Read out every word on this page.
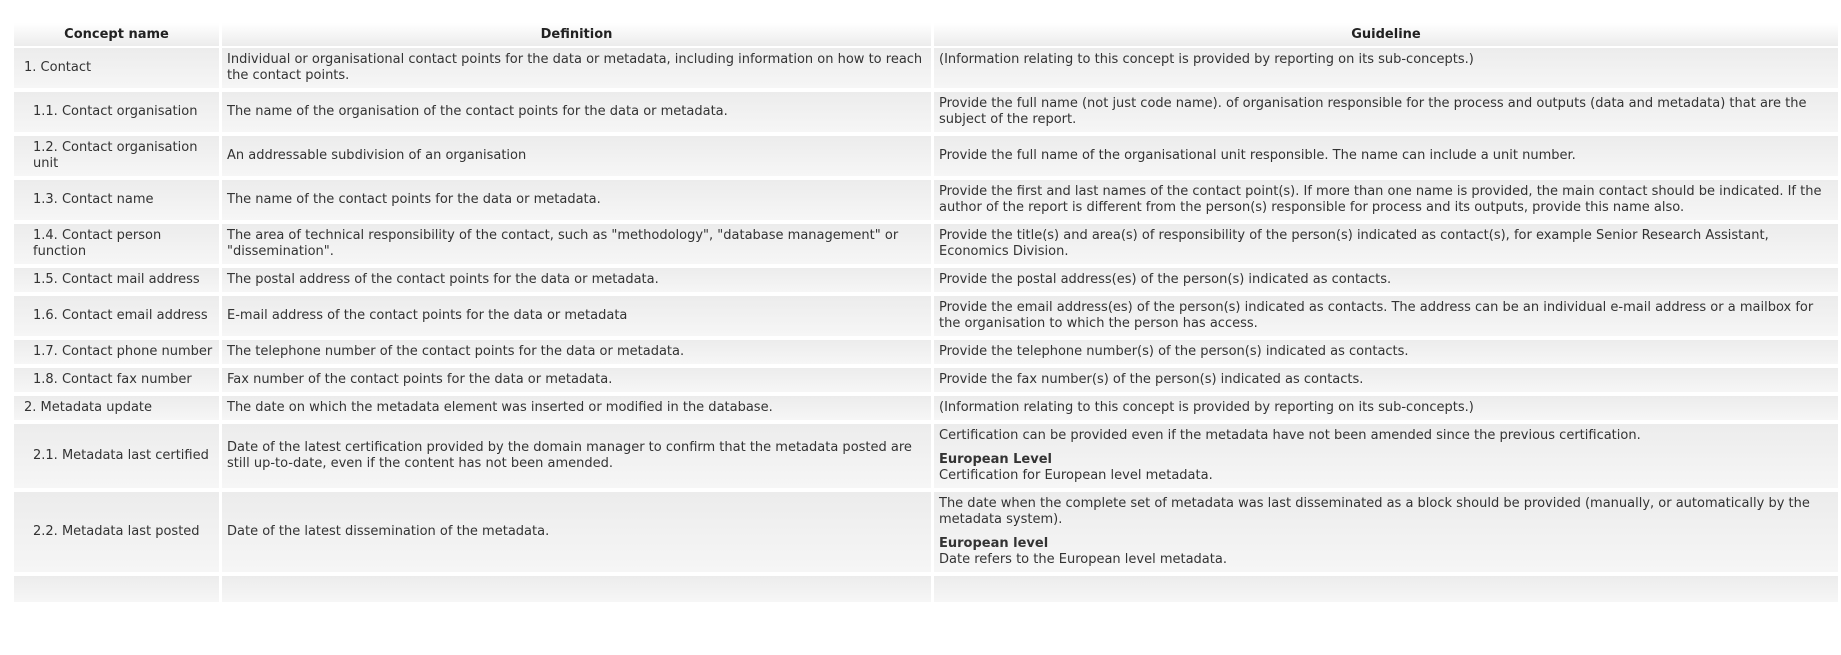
Concept name	Definition	Guideline
1. Contact	Individual or organisational contact points for the data or metadata, including information on how to reach the contact points.	(Information relating to this concept is provided by reporting on its sub-concepts.)
1.1. Contact organisation	The name of the organisation of the contact points for the data or metadata.	Provide the full name (not just code name). of organisation responsible for the process and outputs (data and metadata) that are the subject of the report.
1.2. Contact organisation unit	An addressable subdivision of an organisation	Provide the full name of the organisational unit responsible. The name can include a unit number.
1.3. Contact name	The name of the contact points for the data or metadata.	Provide the first and last names of the contact point(s). If more than one name is provided, the main contact should be indicated. If the author of the report is different from the person(s) responsible for process and its outputs, provide this name also.
1.4. Contact person function	The area of technical responsibility of the contact, such as "methodology", "database management" or "dissemination".	Provide the title(s) and area(s) of responsibility of the person(s) indicated as contact(s), for example Senior Research Assistant, Economics Division.
1.5. Contact mail address	The postal address of the contact points for the data or metadata.	Provide the postal address(es) of the person(s) indicated as contacts.
1.6. Contact email address	E-mail address of the contact points for the data or metadata	Provide the email address(es) of the person(s) indicated as contacts. The address can be an individual e-mail address or a mailbox for the organisation to which the person has access.
1.7. Contact phone number	The telephone number of the contact points for the data or metadata.	Provide the telephone number(s) of the person(s) indicated as contacts.
1.8. Contact fax number	Fax number of the contact points for the data or metadata.	Provide the fax number(s) of the person(s) indicated as contacts.
2. Metadata update	The date on which the metadata element was inserted or modified in the database.	(Information relating to this concept is provided by reporting on its sub-concepts.)
2.1. Metadata last certified	Date of the latest certification provided by the domain manager to confirm that the metadata posted are still up-to-date, even if the content has not been amended.	Certification can be provided even if the metadata have not been amended since the previous certification.
European Level
Certification for European level metadata.

2.2. Metadata last posted	Date of the latest dissemination of the metadata.	The date when the complete set of metadata was last disseminated as a block should be provided (manually, or automatically by the metadata system).
European level
Date refers to the European level metadata.
